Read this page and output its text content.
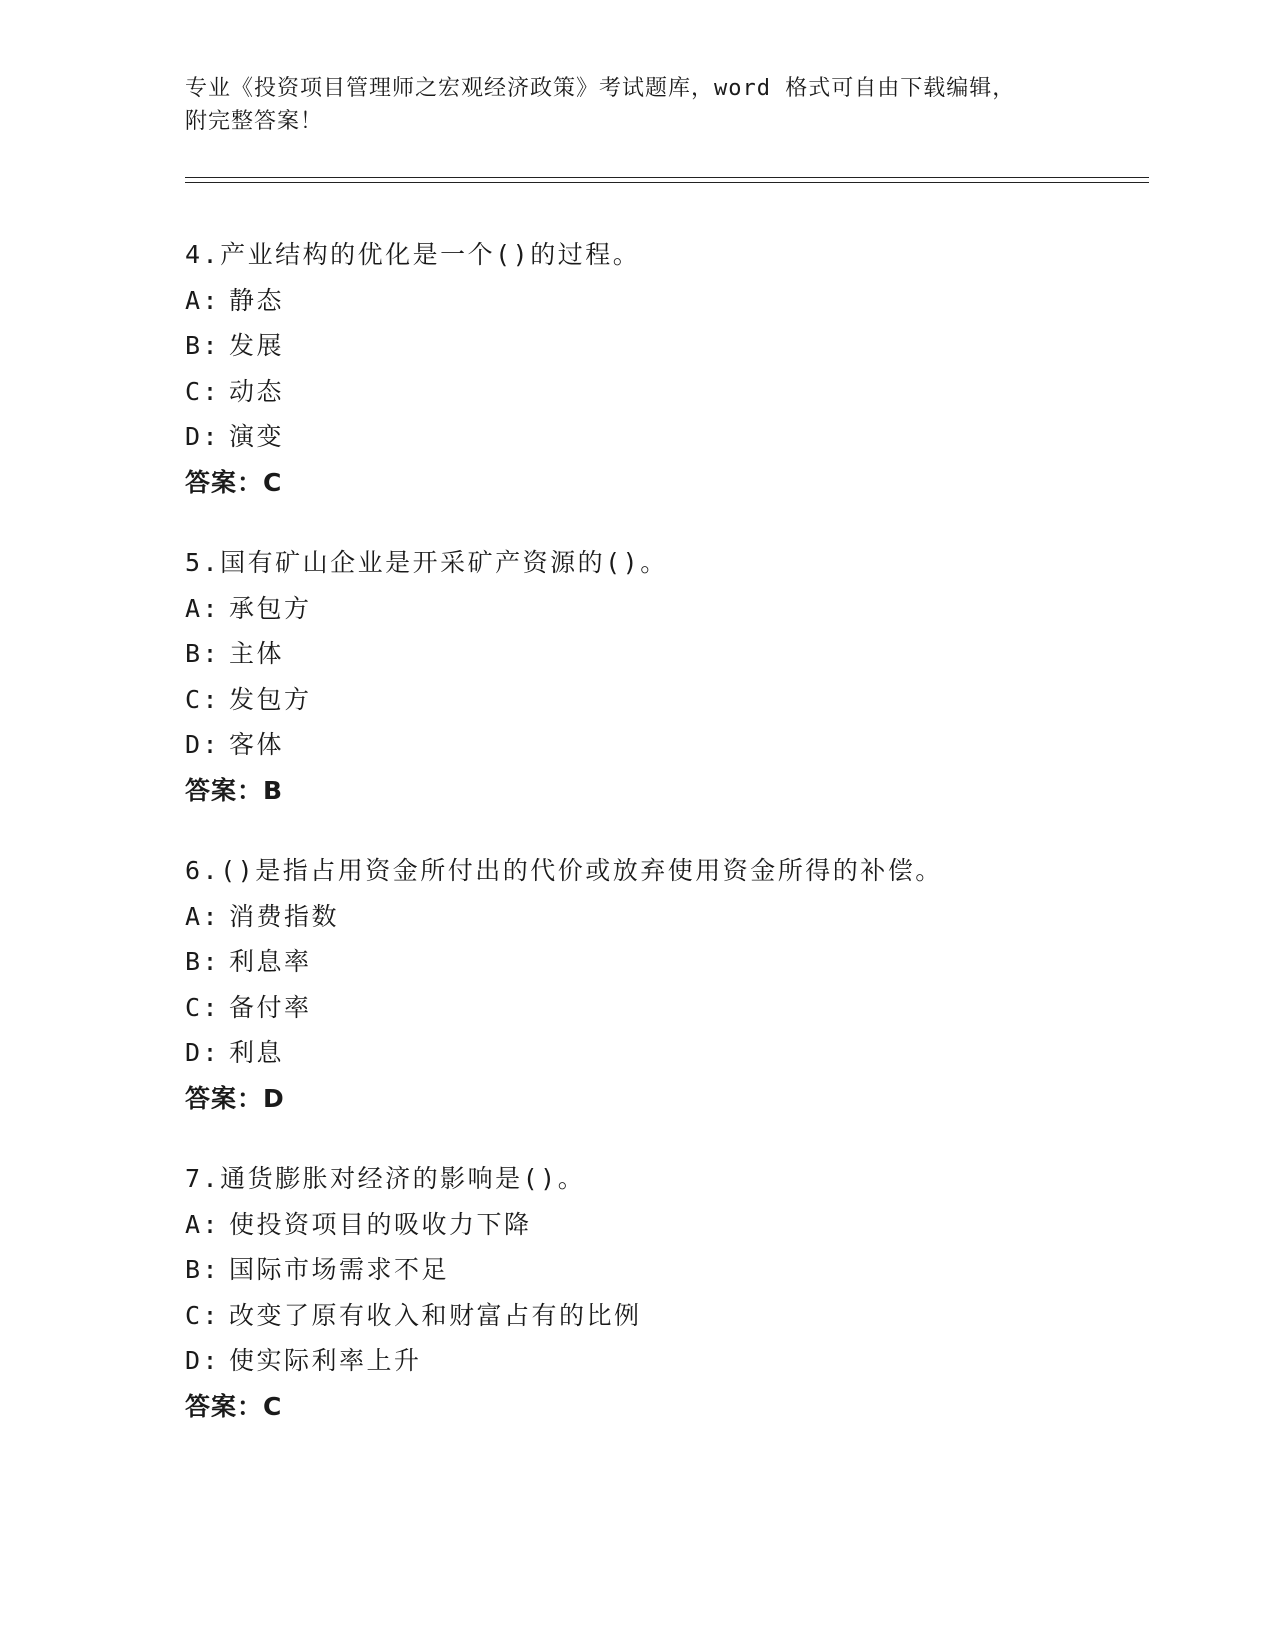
专业《投资项目管理师之宏观经济政策》考试题库，word 格式可自由下载编辑，
附完整答案！
4.产业结构的优化是一个()的过程。
A: 静态
B: 发展
C: 动态
D: 演变
答案：C
5.国有矿山企业是开采矿产资源的()。
A: 承包方
B: 主体
C: 发包方
D: 客体
答案：B
6.()是指占用资金所付出的代价或放弃使用资金所得的补偿。
A: 消费指数
B: 利息率
C: 备付率
D: 利息
答案：D
7.通货膨胀对经济的影响是()。
A: 使投资项目的吸收力下降
B: 国际市场需求不足
C: 改变了原有收入和财富占有的比例
D: 使实际利率上升
答案：C
